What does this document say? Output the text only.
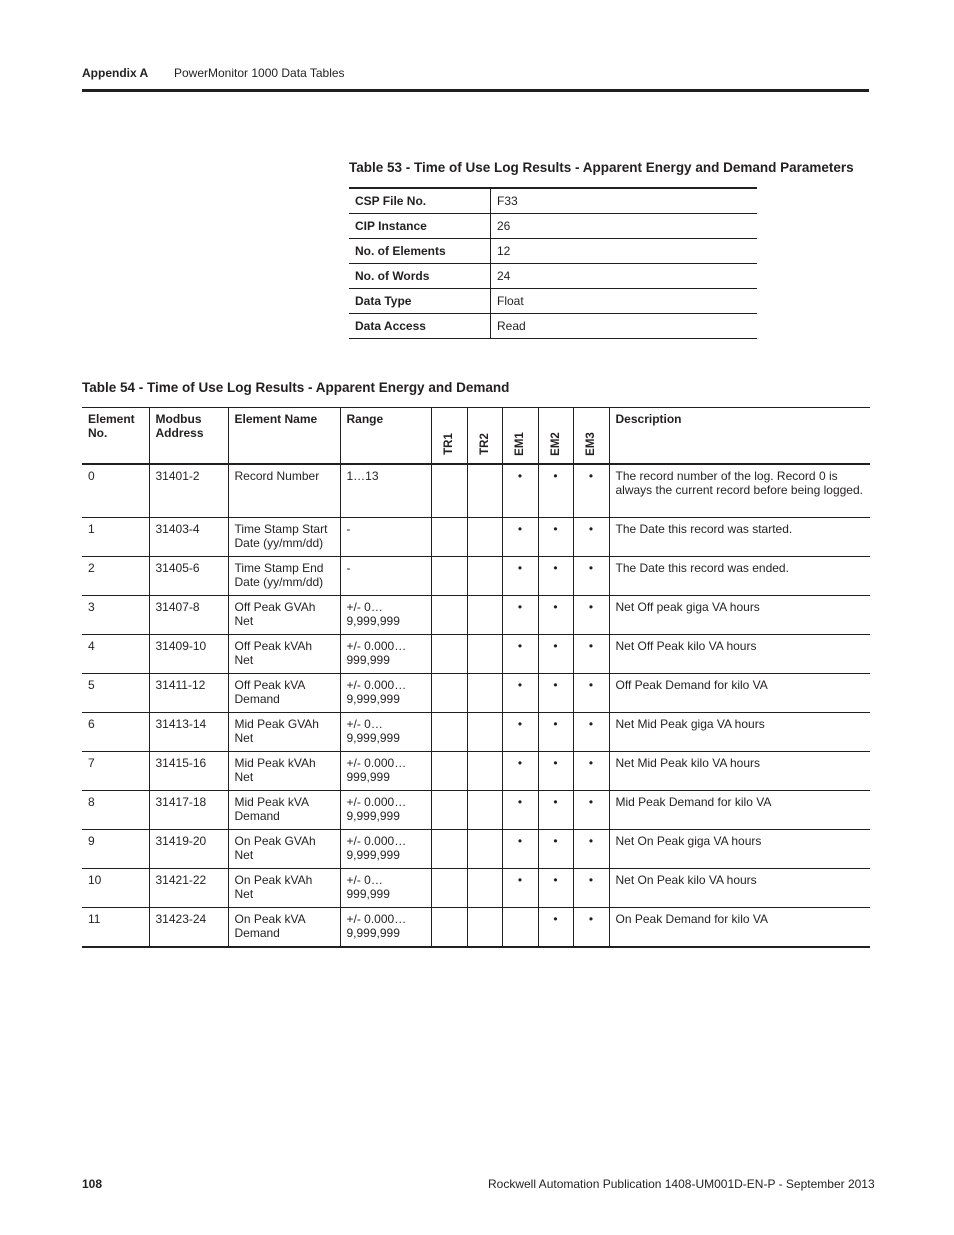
Appendix A PowerMonitor 1000 Data Tables
Table 53 - Time of Use Log Results - Apparent Energy and Demand Parameters
CSP File No.	F33
CIP Instance	26
No. of Elements	12
No. of Words	24
Data Type	Float
Data Access	Read
Table 54 - Time of Use Log Results - Apparent Energy and Demand
Element No.	Modbus Address	Element Name	Range	TR1	TR2	EM1	EM2	EM3	Description
0	31401-2	Record Number	1…13			•	•	•	The record number of the log. Record 0 is always the current record before being logged.
1	31403-4	Time Stamp Start Date (yy/mm/dd)	-			•	•	•	The Date this record was started.
2	31405-6	Time Stamp End Date (yy/mm/dd)	-			•	•	•	The Date this record was ended.
3	31407-8	Off Peak GVAh Net	+/- 0… 9,999,999			•	•	•	Net Off peak giga VA hours
4	31409-10	Off Peak kVAh Net	+/- 0.000… 999,999			•	•	•	Net Off Peak kilo VA hours
5	31411-12	Off Peak kVA Demand	+/- 0.000… 9,999,999			•	•	•	Off Peak Demand for kilo VA
6	31413-14	Mid Peak GVAh Net	+/- 0… 9,999,999			•	•	•	Net Mid Peak giga VA hours
7	31415-16	Mid Peak kVAh Net	+/- 0.000… 999,999			•	•	•	Net Mid Peak kilo VA hours
8	31417-18	Mid Peak kVA Demand	+/- 0.000… 9,999,999			•	•	•	Mid Peak Demand for kilo VA
9	31419-20	On Peak GVAh Net	+/- 0.000… 9,999,999			•	•	•	Net On Peak giga VA hours
10	31421-22	On Peak kVAh Net	+/- 0… 999,999			•	•	•	Net On Peak kilo VA hours
11	31423-24	On Peak kVA Demand	+/- 0.000… 9,999,999				•	•	On Peak Demand for kilo VA
108	Rockwell Automation Publication 1408-UM001D-EN-P - September 2013
